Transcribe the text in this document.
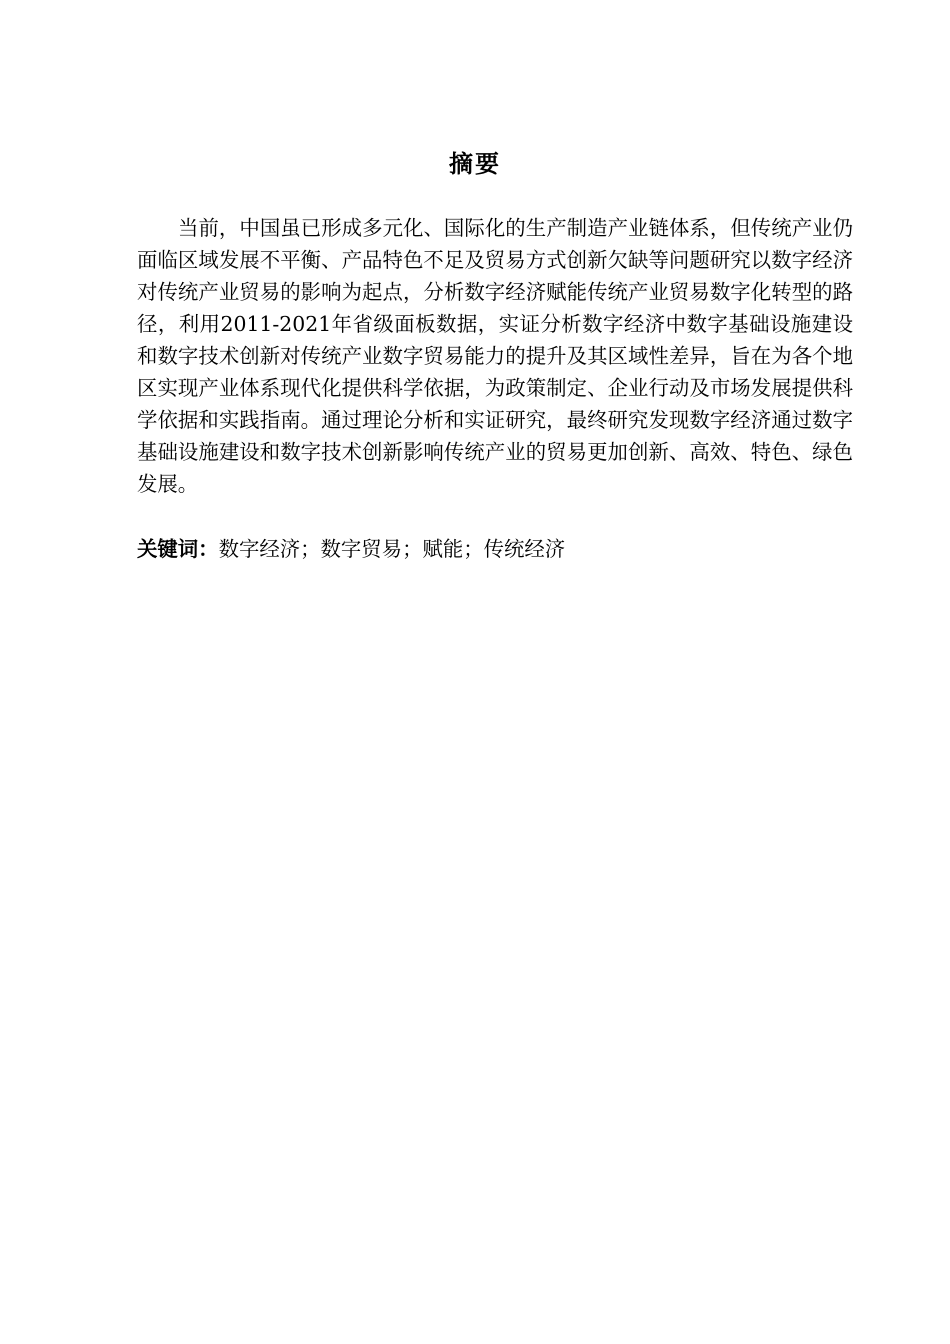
摘要

当前，中国虽已形成多元化、国际化的生产制造产业链体系，但传统产业仍面临区域发展不平衡、产品特色不足及贸易方式创新欠缺等问题研究以数字经济对传统产业贸易的影响为起点，分析数字经济赋能传统产业贸易数字化转型的路径，利用2011-2021年省级面板数据，实证分析数字经济中数字基础设施建设和数字技术创新对传统产业数字贸易能力的提升及其区域性差异，旨在为各个地区实现产业体系现代化提供科学依据，为政策制定、企业行动及市场发展提供科学依据和实践指南。通过理论分析和实证研究，最终研究发现数字经济通过数字基础设施建设和数字技术创新影响传统产业的贸易更加创新、高效、特色、绿色发展。

关键词：数字经济；数字贸易；赋能；传统经济
